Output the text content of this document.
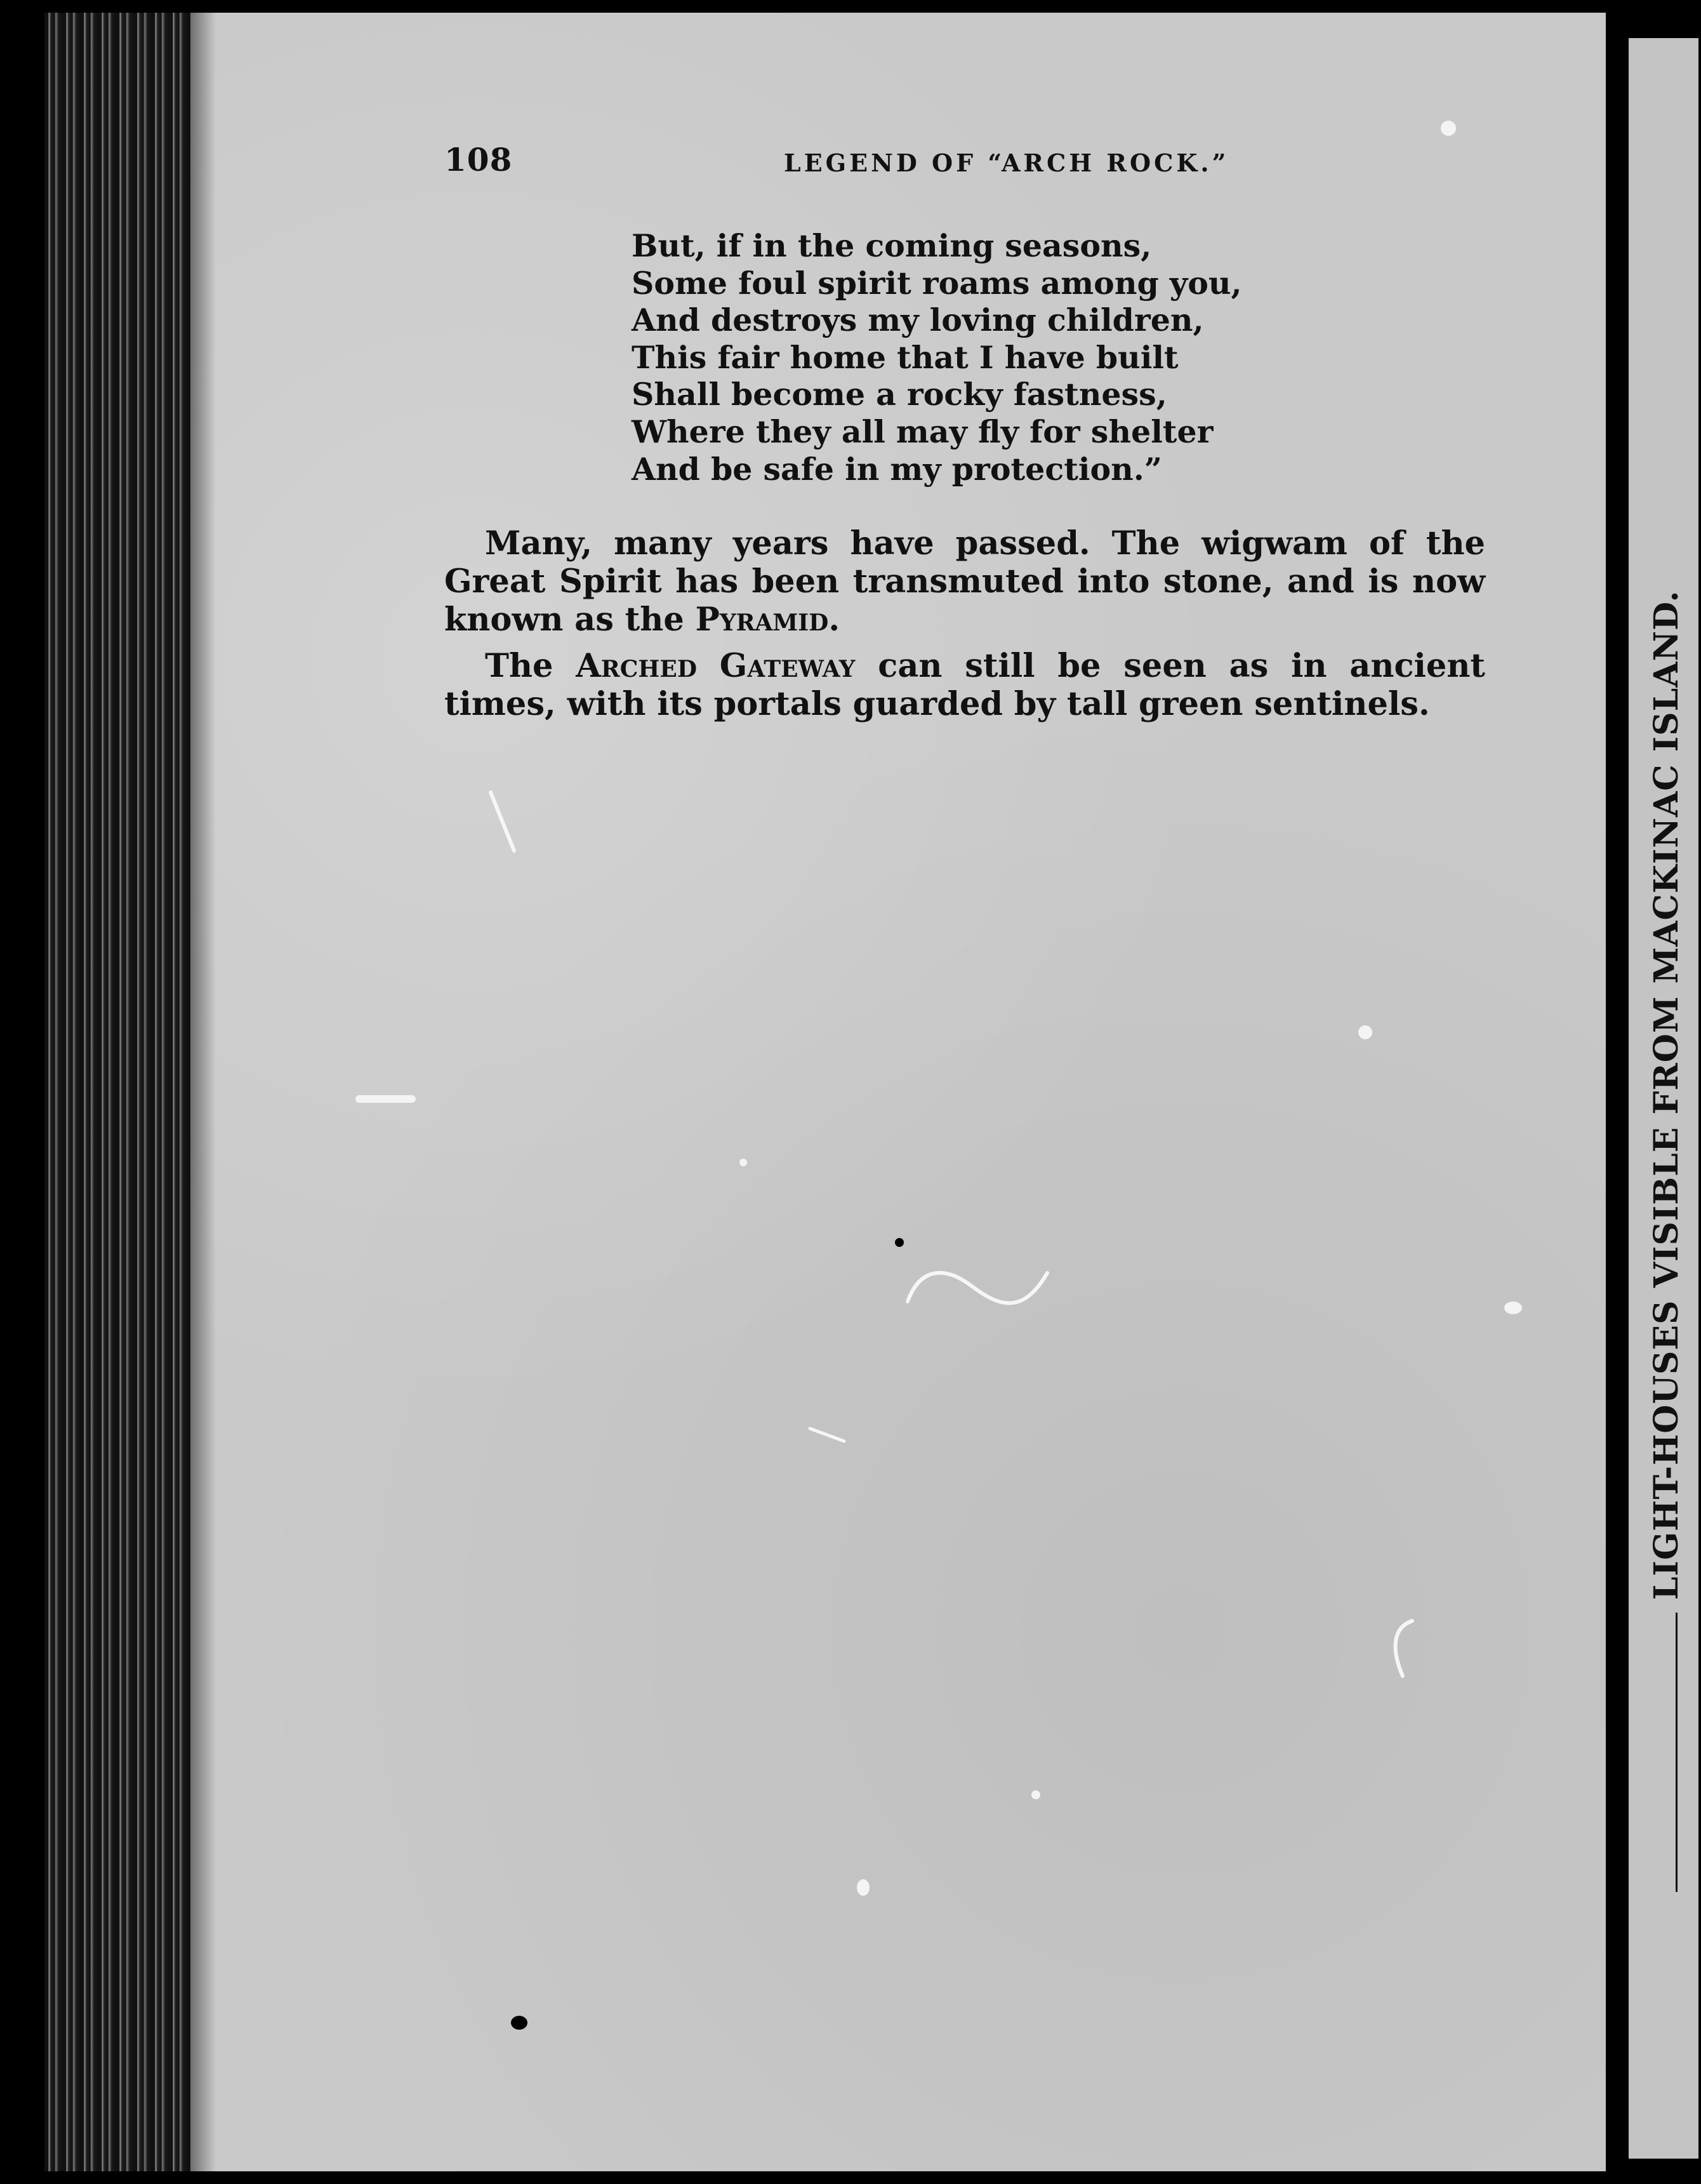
108	LEGEND OF “ARCH ROCK.”
But, if in the coming seasons,
Some foul spirit roams among you,
And destroys my loving children,
This fair home that I have built
Shall become a rocky fastness,
Where they all may fly for shelter
And be safe in my protection.”

Many, many years have passed. The wigwam of the Great Spirit has been transmuted into stone, and is now known as the Pyramid.

The Arched Gateway can still be seen as in ancient times, with its portals guarded by tall green sentinels.	LIGHT-HOUSES VISIBLE FROM MACKINAC ISLAND.
